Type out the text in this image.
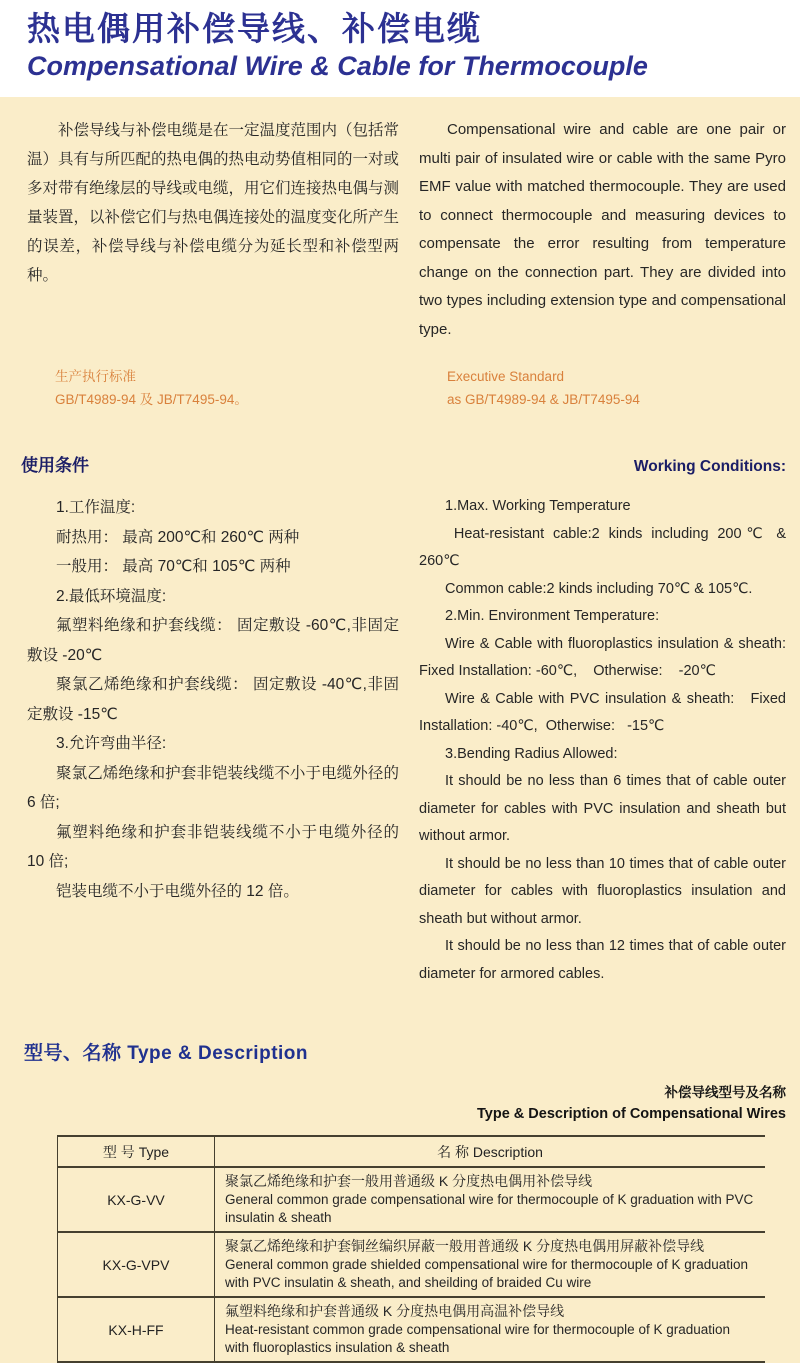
热电偶用补偿导线、补偿电缆
Compensational Wire & Cable for Thermocouple

补偿导线与补偿电缆是在一定温度范围内（包括常温）具有与所匹配的热电偶的热电动势值相同的一对或多对带有绝缘层的导线或电缆，用它们连接热电偶与测量装置，以补偿它们与热电偶连接处的温度变化所产生的误差，补偿导线与补偿电缆分为延长型和补偿型两种。

Compensational wire and cable are one pair or multi pair of insulated wire or cable with the same Pyro EMF value with matched thermocouple. They are used to connect thermocouple and measuring devices to compensate the error resulting from temperature change on the connection part. They are divided into two types including extension type and compensational type.

生产执行标准

GB/T4989-94 及 JB/T7495-94。

Executive Standard

as GB/T4989-94 & JB/T7495-94

使用条件	Working Conditions:

1.工作温度:

耐热用： 最高 200℃和 260℃ 两种

一般用： 最高 70℃和 105℃ 两种

2.最低环境温度:

氟塑料绝缘和护套线缆： 固定敷设 -60℃,非固定敷设 -20℃

聚氯乙烯绝缘和护套线缆： 固定敷设 -40℃,非固定敷设 -15℃

3.允许弯曲半径:

聚氯乙烯绝缘和护套非铠装线缆不小于电缆外径的 6 倍;

氟塑料绝缘和护套非铠装线缆不小于电缆外径的 10 倍;

铠装电缆不小于电缆外径的 12 倍。

1.Max. Working Temperature

Heat-resistant cable:2 kinds including 200℃ & 260℃

Common cable:2 kinds including 70℃ & 105℃.

2.Min. Environment Temperature:

Wire & Cable with fluoroplastics insulation & sheath: Fixed Installation: -60℃,    Otherwise:    -20℃

Wire & Cable with PVC insulation & sheath:   Fixed Installation: -40℃,  Otherwise:   -15℃

3.Bending Radius Allowed:

It should be no less than 6 times that of cable outer diameter for cables with PVC insulation and sheath but without armor.

It should be no less than 10 times that of cable outer diameter for cables with fluoroplastics insulation and sheath but without armor.

It should be no less than 12 times that of cable outer diameter for armored cables.

型号、名称 Type & Description

补偿导线型号及名称

Type & Description of Compensational Wires

型 号 Type	名 称 Description
KX-G-VV	聚氯乙烯绝缘和护套一般用普通级 K 分度热电偶用补偿导线

General common grade compensational wire for thermocouple of K graduation with PVC insulatin & sheath

KX-G-VPV	聚氯乙烯绝缘和护套铜丝编织屏蔽一般用普通级 K 分度热电偶用屏蔽补偿导线

General common grade shielded compensational wire for thermocouple of K graduation with PVC insulatin & sheath, and sheilding of braided Cu wire

KX-H-FF	氟塑料绝缘和护套普通级 K 分度热电偶用高温补偿导线

Heat-resistant common grade compensational wire for thermocouple of K graduation with fluoroplastics insulation & sheath
